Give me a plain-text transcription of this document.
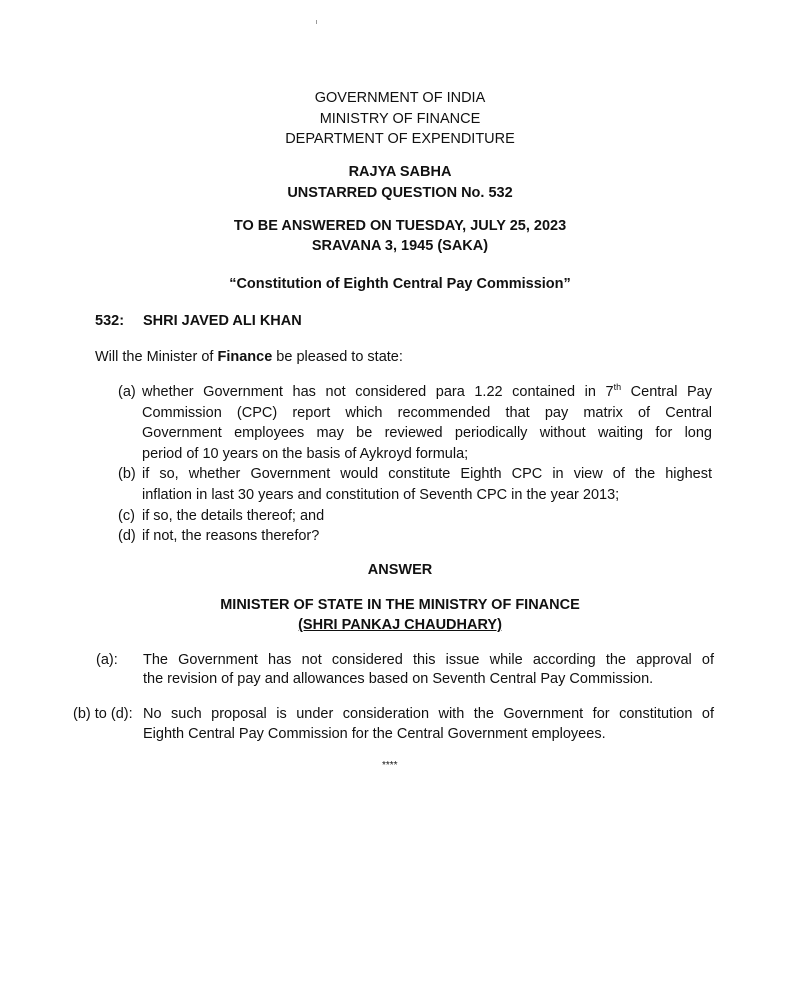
GOVERNMENT OF INDIA
MINISTRY OF FINANCE
DEPARTMENT OF EXPENDITURE
RAJYA SABHA
UNSTARRED QUESTION No. 532
TO BE ANSWERED ON TUESDAY, JULY 25, 2023
SRAVANA 3, 1945 (SAKA)
“Constitution of Eighth Central Pay Commission”
532: SHRI JAVED ALI KHAN
Will the Minister of Finance be pleased to state:
(a) whether Government has not considered para 1.22 contained in 7th Central Pay
Commission (CPC) report which recommended that pay matrix of Central
Government employees may be reviewed periodically without waiting for long
period of 10 years on the basis of Aykroyd formula;
(b) if so, whether Government would constitute Eighth CPC in view of the highest
inflation in last 30 years and constitution of Seventh CPC in the year 2013;
(c) if so, the details thereof; and
(d) if not, the reasons therefor?
ANSWER
MINISTER OF STATE IN THE MINISTRY OF FINANCE
(SHRI PANKAJ CHAUDHARY)
(a): The Government has not considered this issue while according the approval of
the revision of pay and allowances based on Seventh Central Pay Commission.
(b) to (d): No such proposal is under consideration with the Government for constitution of
Eighth Central Pay Commission for the Central Government employees.
****
